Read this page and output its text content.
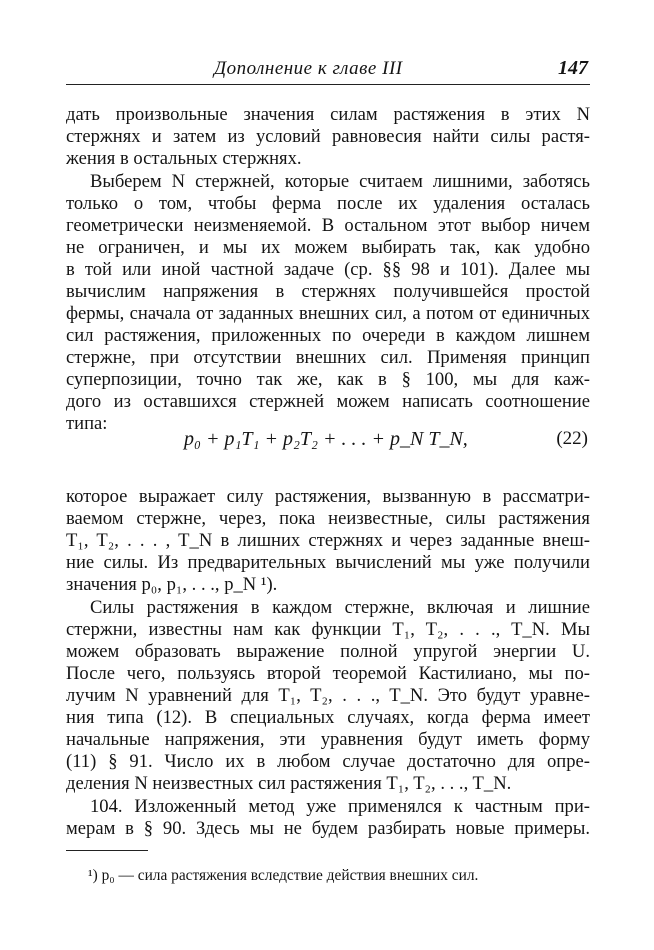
Дополнение к главе III	147
дать произвольные значения силам растяжения в этих N
стержнях и затем из условий равновесия найти силы растя-
жения в остальных стержнях.
Выберем N стержней, которые считаем лишними, заботясь
только о том, чтобы ферма после их удаления осталась
геометрически неизменяемой. В остальном этот выбор ничем
не ограничен, и мы их можем выбирать так, как удобно
в той или иной частной задаче (ср. §§ 98 и 101). Далее мы
вычислим напряжения в стержнях получившейся простой
фермы, сначала от заданных внешних сил, а потом от единичных
сил растяжения, приложенных по очереди в каждом лишнем
стержне, при отсутствии внешних сил. Применяя принцип
суперпозиции, точно так же, как в § 100, мы для каж-
дого из оставшихся стержней можем написать соотношение
типа:
p₀ + p₁T₁ + p₂T₂ + . . . + p_N T_N,	(22)
которое выражает силу растяжения, вызванную в рассматри-
ваемом стержне, через, пока неизвестные, силы растяжения
T₁, T₂, . . . , T_N в лишних стержнях и через заданные внеш-
ние силы. Из предварительных вычислений мы уже получили
значения p₀, p₁, . . ., p_N ¹).
Силы растяжения в каждом стержне, включая и лишние
стержни, известны нам как функции T₁, T₂, . . ., T_N. Мы
можем образовать выражение полной упругой энергии U.
После чего, пользуясь второй теоремой Кастилиано, мы по-
лучим N уравнений для T₁, T₂, . . ., T_N. Это будут уравне-
ния типа (12). В специальных случаях, когда ферма имеет
начальные напряжения, эти уравнения будут иметь форму
(11) § 91. Число их в любом случае достаточно для опре-
деления N неизвестных сил растяжения T₁, T₂, . . ., T_N.
104. Изложенный метод уже применялся к частным при-
мерам в § 90. Здесь мы не будем разбирать новые примеры.
¹) p₀ — сила растяжения вследствие действия внешних сил.
